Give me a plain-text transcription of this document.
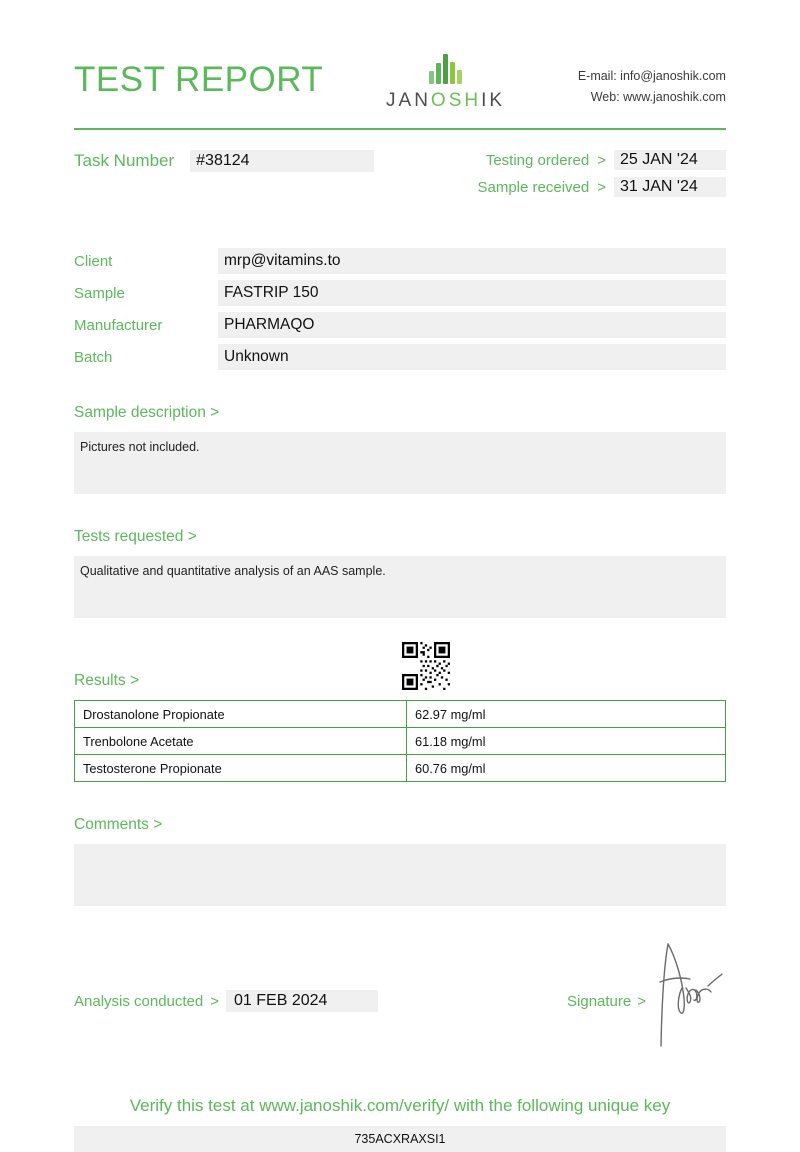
TEST REPORT
JANOSHIK
E-mail: info@janoshik.com
Web: www.janoshik.com
Task Number	#38124	Testing ordered > 25 JAN '24
Sample received > 31 JAN '24
Client	mrp@vitamins.to
Sample	FASTRIP 150
Manufacturer	PHARMAQO
Batch	Unknown
Sample description >
Pictures not included.
Tests requested >
Qualitative and quantitative analysis of an AAS sample.
Results >
Drostanolone Propionate	62.97 mg/ml
Trenbolone Acetate	61.18 mg/ml
Testosterone Propionate	60.76 mg/ml
Comments >
Analysis conducted > 01 FEB 2024	Signature >
Verify this test at www.janoshik.com/verify/ with the following unique key
735ACXRAXSI1
